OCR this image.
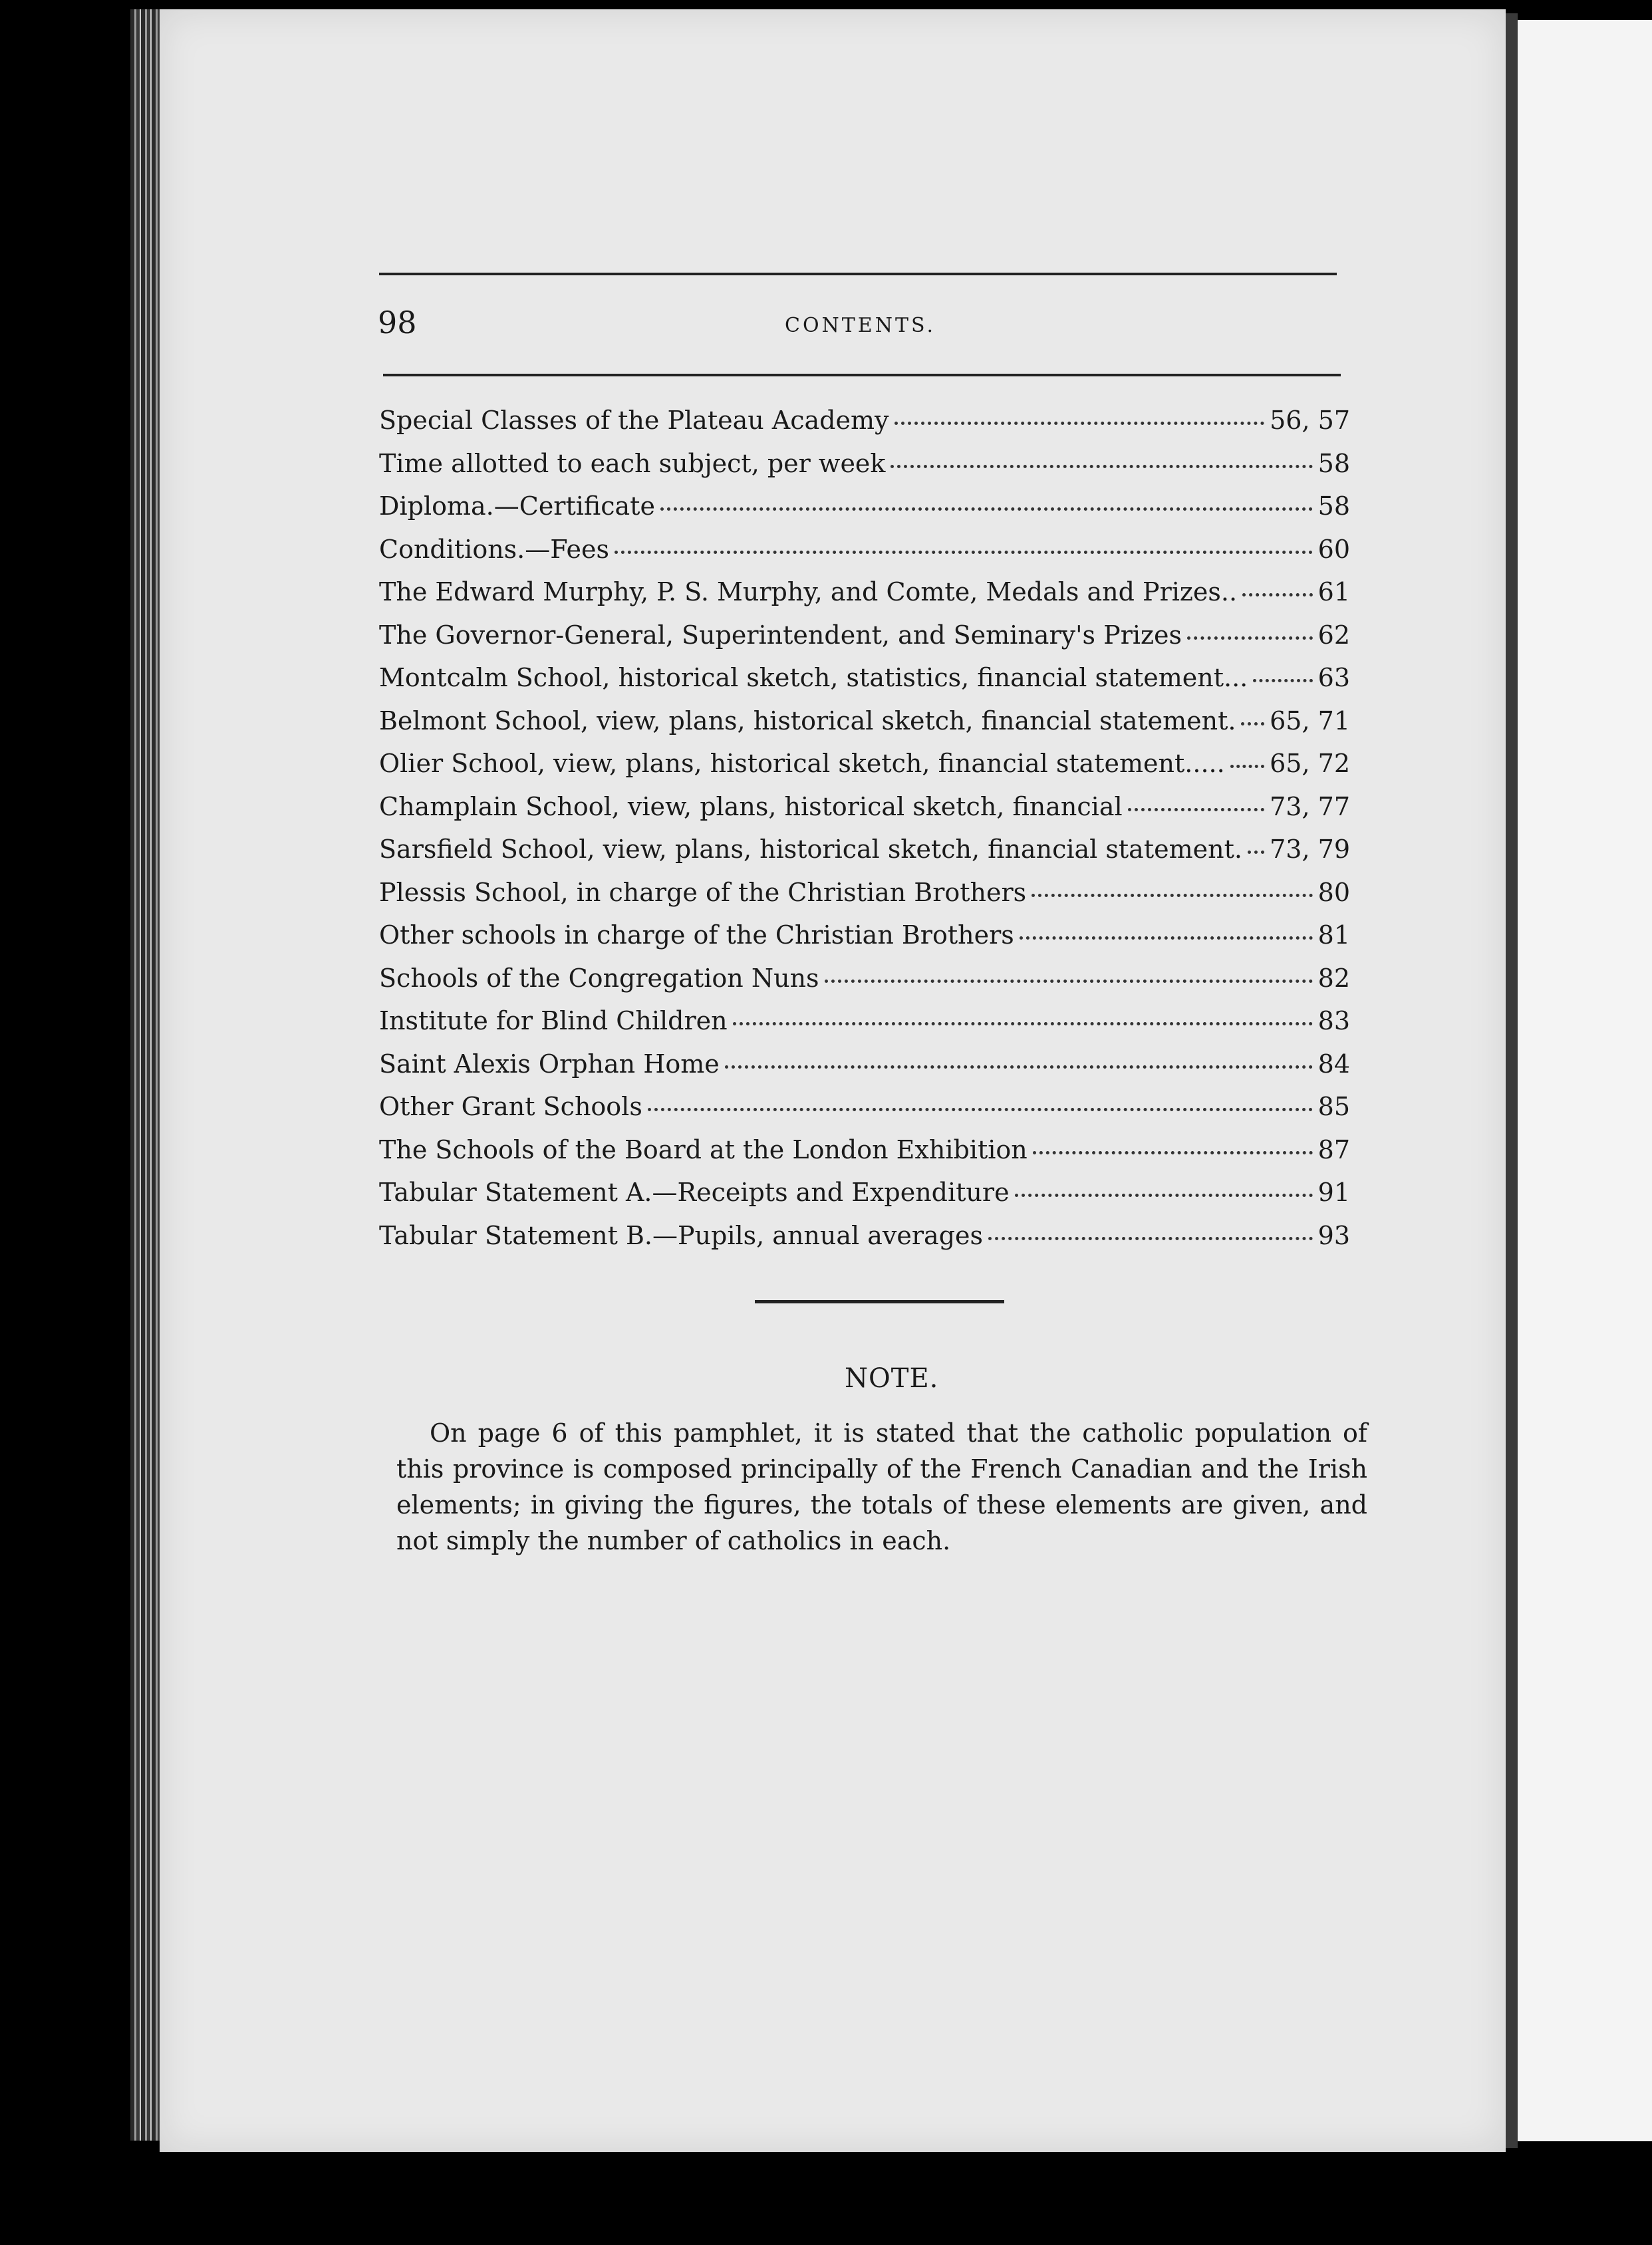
98	CONTENTS.
Special Classes of the Plateau Academy	56, 57
Time allotted to each subject, per week	58
Diploma.—Certificate	58
Conditions.—Fees	60
The Edward Murphy, P. S. Murphy, and Comte, Medals and Prizes..	61
The Governor-General, Superintendent, and Seminary's Prizes	62
Montcalm School, historical sketch, statistics, financial statement...	63
Belmont School, view, plans, historical sketch, financial statement. 65, 71
Olier School, view, plans, historical sketch, financial statement..... 65, 72
Champlain School, view, plans, historical sketch, financial	73, 77
Sarsfield School, view, plans, historical sketch, financial statement. 73, 79
Plessis School, in charge of the Christian Brothers	80
Other schools in charge of the Christian Brothers	81
Schools of the Congregation Nuns	82
Institute for Blind Children	83
Saint Alexis Orphan Home	84
Other Grant Schools	85
The Schools of the Board at the London Exhibition	87
Tabular Statement A.—Receipts and Expenditure	91
Tabular Statement B.—Pupils, annual averages	93
NOTE.

On page 6 of this pamphlet, it is stated that the catholic population of this province is composed principally of the French Canadian and the Irish elements; in giving the figures, the totals of these elements are given, and not simply the number of catholics in each.
